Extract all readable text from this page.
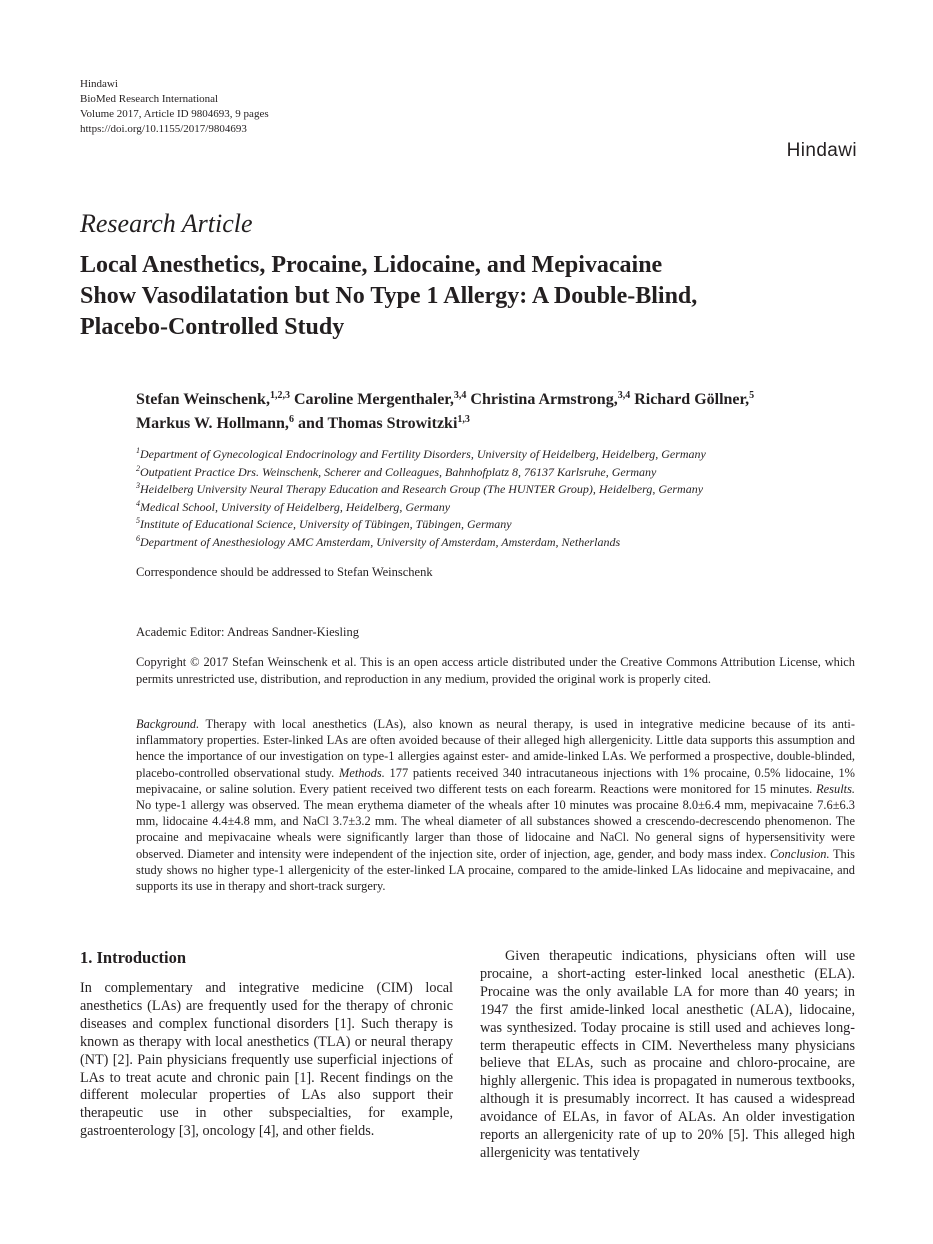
Hindawi
BioMed Research International
Volume 2017, Article ID 9804693, 9 pages
https://doi.org/10.1155/2017/9804693
Hindawi
Research Article
Local Anesthetics, Procaine, Lidocaine, and Mepivacaine
Show Vasodilatation but No Type 1 Allergy: A Double-Blind,
Placebo-Controlled Study
Stefan Weinschenk,$^{1,2,3}$ Caroline Mergenthaler,$^{3,4}$ Christina Armstrong,$^{3,4}$ Richard Göllner,$^5$
Markus W. Hollmann,$^6$ and Thomas Strowitzki$^{1,3}$
$^1$Department of Gynecological Endocrinology and Fertility Disorders, University of Heidelberg, Heidelberg, Germany
$^2$Outpatient Practice Drs. Weinschenk, Scherer and Colleagues, Bahnhofplatz 8, 76137 Karlsruhe, Germany
$^3$Heidelberg University Neural Therapy Education and Research Group (The HUNTER Group), Heidelberg, Germany
$^4$Medical School, University of Heidelberg, Heidelberg, Germany
$^5$Institute of Educational Science, University of Tübingen, Tübingen, Germany
$^6$Department of Anesthesiology AMC Amsterdam, University of Amsterdam, Amsterdam, Netherlands
Correspondence should be addressed to Stefan Weinschenk
Academic Editor: Andreas Sandner-Kiesling
Copyright © 2017 Stefan Weinschenk et al. This is an open access article distributed under the Creative Commons Attribution License, which permits unrestricted use, distribution, and reproduction in any medium, provided the original work is properly cited.
Background. Therapy with local anesthetics (LAs), also known as neural therapy, is used in integrative medicine because of its anti-inflammatory properties. Ester-linked LAs are often avoided because of their alleged high allergenicity. Little data supports this assumption and hence the importance of our investigation on type-1 allergies against ester- and amide-linked LAs. We performed a prospective, double-blinded, placebo-controlled observational study. Methods. 177 patients received 340 intracutaneous injections with 1% procaine, 0.5% lidocaine, 1% mepivacaine, or saline solution. Every patient received two different tests on each forearm. Reactions were monitored for 15 minutes. Results. No type-1 allergy was observed. The mean erythema diameter of the wheals after 10 minutes was procaine 8.0±6.4 mm, mepivacaine 7.6±6.3 mm, lidocaine 4.4±4.8 mm, and NaCl 3.7±3.2 mm. The wheal diameter of all substances showed a crescendo-decrescendo phenomenon. The procaine and mepivacaine wheals were significantly larger than those of lidocaine and NaCl. No general signs of hypersensitivity were observed. Diameter and intensity were independent of the injection site, order of injection, age, gender, and body mass index. Conclusion. This study shows no higher type-1 allergenicity of the ester-linked LA procaine, compared to the amide-linked LAs lidocaine and mepivacaine, and supports its use in therapy and short-track surgery.
1. Introduction
In complementary and integrative medicine (CIM) local anesthetics (LAs) are frequently used for the therapy of chronic diseases and complex functional disorders [1]. Such therapy is known as therapy with local anesthetics (TLA) or neural therapy (NT) [2]. Pain physicians frequently use superficial injections of LAs to treat acute and chronic pain [1]. Recent findings on the different molecular properties of LAs also support their therapeutic use in other subspecialties, for example, gastroenterology [3], oncology [4], and other fields.
Given therapeutic indications, physicians often will use procaine, a short-acting ester-linked local anesthetic (ELA). Procaine was the only available LA for more than 40 years; in 1947 the first amide-linked local anesthetic (ALA), lidocaine, was synthesized. Today procaine is still used and achieves long-term therapeutic effects in CIM. Nevertheless many physicians believe that ELAs, such as procaine and chloro-procaine, are highly allergenic. This idea is propagated in numerous textbooks, although it is presumably incorrect. It has caused a widespread avoidance of ELAs, in favor of ALAs. An older investigation reports an allergenicity rate of up to 20% [5]. This alleged high allergenicity was tentatively
